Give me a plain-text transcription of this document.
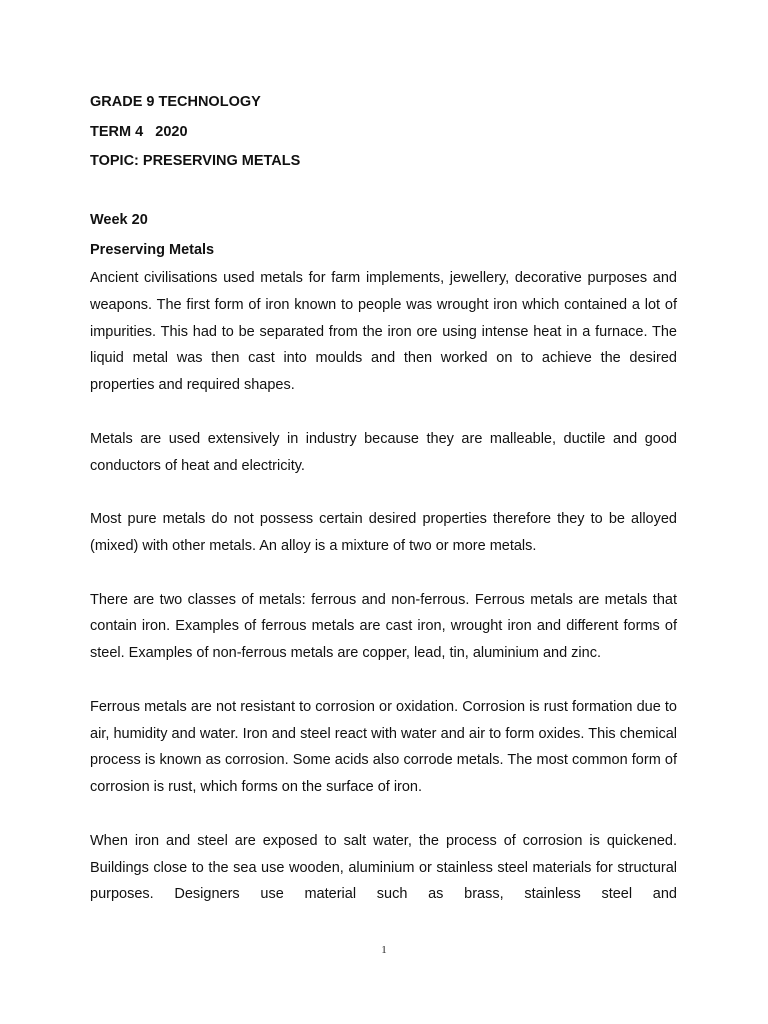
GRADE 9 TECHNOLOGY

TERM 4   2020

TOPIC: PRESERVING METALS

Week 20

Preserving Metals

Ancient civilisations used metals for farm implements, jewellery, decorative purposes and weapons. The first form of iron known to people was wrought iron which contained a lot of impurities. This had to be separated from the iron ore using intense heat in a furnace. The liquid metal was then cast into moulds and then worked on to achieve the desired properties and required shapes.

Metals are used extensively in industry because they are malleable, ductile and good conductors of heat and electricity.

Most pure metals do not possess certain desired properties therefore they to be alloyed (mixed) with other metals. An alloy is a mixture of two or more metals.

There are two classes of metals: ferrous and non-ferrous. Ferrous metals are metals that contain iron. Examples of ferrous metals are cast iron, wrought iron and different forms of steel. Examples of non-ferrous metals are copper, lead, tin, aluminium and zinc.

Ferrous metals are not resistant to corrosion or oxidation. Corrosion is rust formation due to air, humidity and water. Iron and steel react with water and air to form oxides. This chemical process is known as corrosion. Some acids also corrode metals. The most common form of corrosion is rust, which forms on the surface of iron.

When iron and steel are exposed to salt water, the process of corrosion is quickened. Buildings close to the sea use wooden, aluminium or stainless steel materials for structural purposes. Designers use material such as brass, stainless steel and

1
